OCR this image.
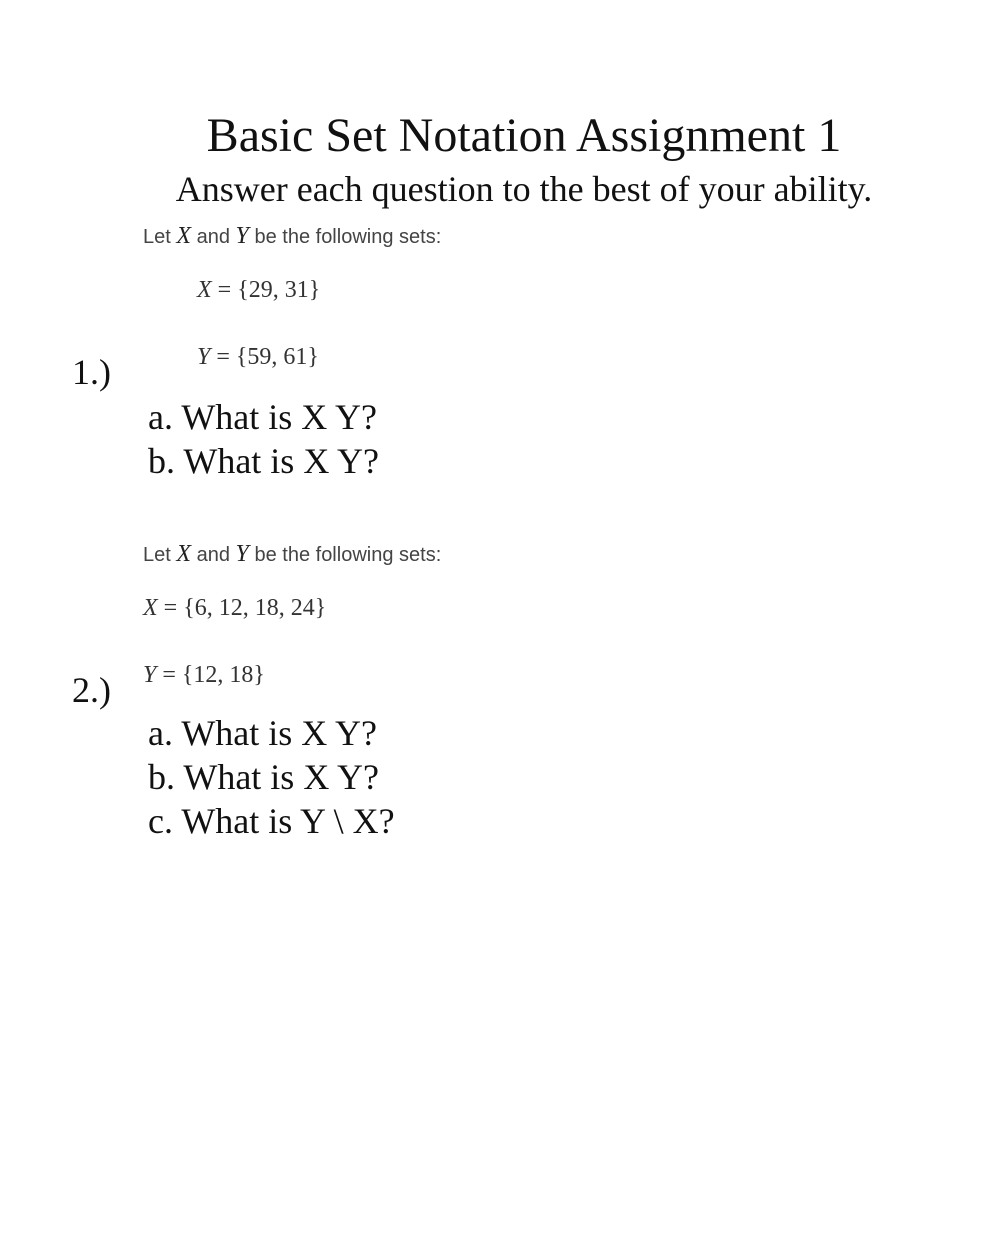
Basic Set Notation Assignment 1
Answer each question to the best of your ability.
Let X and Y be the following sets:
X = {29, 31}
1.)	Y = {59, 61}
a. What is X Y?
b. What is X Y?
Let X and Y be the following sets:
X = {6, 12, 18, 24}
2.) Y = {12, 18}
a. What is X Y?
b. What is X Y?
c. What is Y \ X?
